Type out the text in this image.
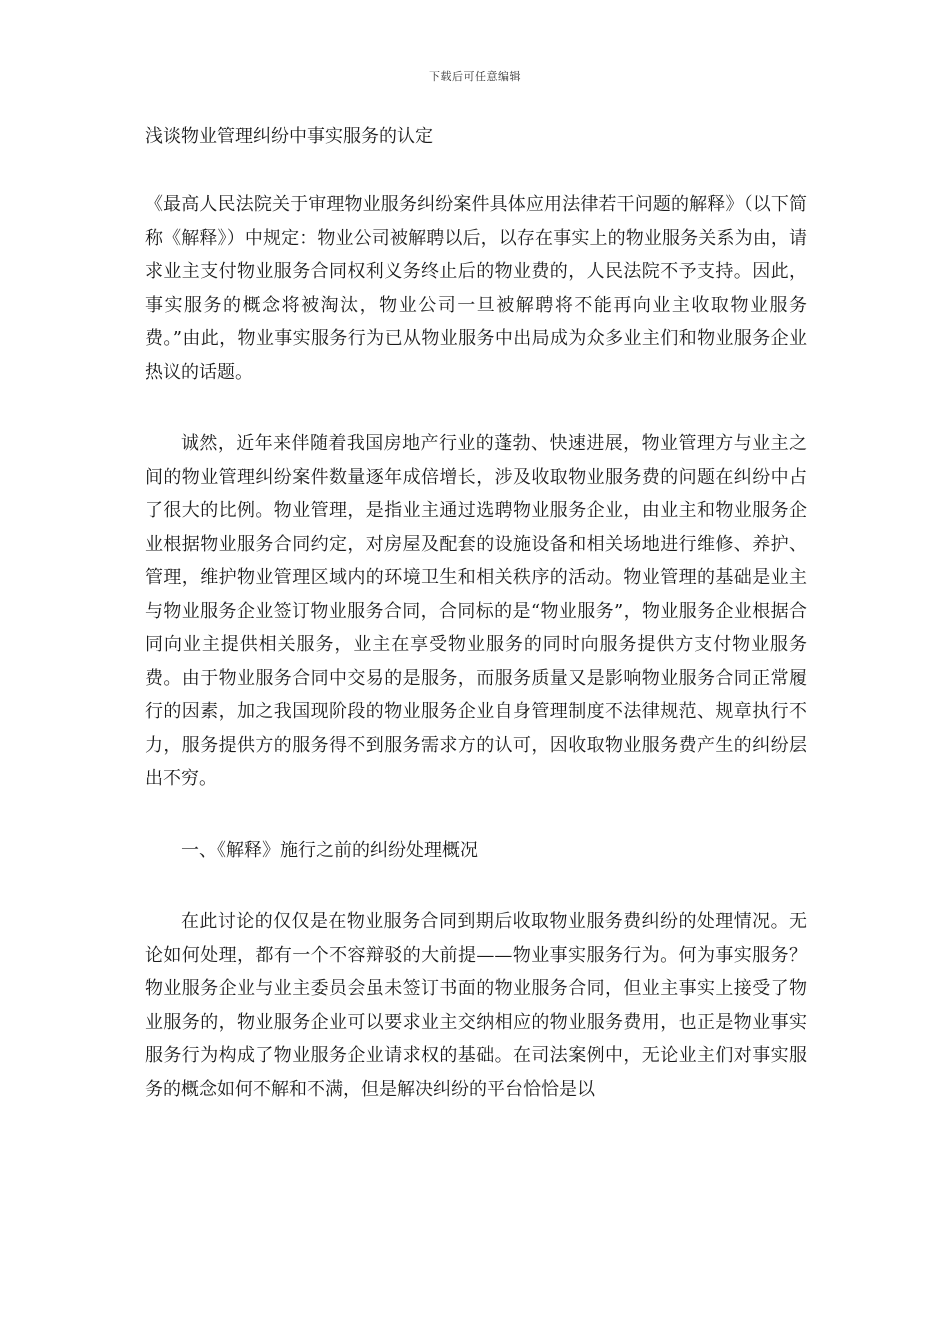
下载后可任意编辑
浅谈物业管理纠纷中事实服务的认定

《最高人民法院关于审理物业服务纠纷案件具体应用法律若干问题的解释》（以下简称《解释》）中规定：物业公司被解聘以后，以存在事实上的物业服务关系为由，请求业主支付物业服务合同权利义务终止后的物业费的，人民法院不予支持。因此，事实服务的概念将被淘汰，物业公司一旦被解聘将不能再向业主收取物业服务费。”由此，物业事实服务行为已从物业服务中出局成为众多业主们和物业服务企业热议的话题。

诚然，近年来伴随着我国房地产行业的蓬勃、快速进展，物业管理方与业主之间的物业管理纠纷案件数量逐年成倍增长，涉及收取物业服务费的问题在纠纷中占了很大的比例。物业管理，是指业主通过选聘物业服务企业，由业主和物业服务企业根据物业服务合同约定，对房屋及配套的设施设备和相关场地进行维修、养护、管理，维护物业管理区域内的环境卫生和相关秩序的活动。物业管理的基础是业主与物业服务企业签订物业服务合同，合同标的是“物业服务”，物业服务企业根据合同向业主提供相关服务，业主在享受物业服务的同时向服务提供方支付物业服务费。由于物业服务合同中交易的是服务，而服务质量又是影响物业服务合同正常履行的因素，加之我国现阶段的物业服务企业自身管理制度不法律规范、规章执行不力，服务提供方的服务得不到服务需求方的认可，因收取物业服务费产生的纠纷层出不穷。

一、《解释》施行之前的纠纷处理概况

在此讨论的仅仅是在物业服务合同到期后收取物业服务费纠纷的处理情况。无论如何处理，都有一个不容辩驳的大前提——物业事实服务行为。何为事实服务？物业服务企业与业主委员会虽未签订书面的物业服务合同，但业主事实上接受了物业服务的，物业服务企业可以要求业主交纳相应的物业服务费用，也正是物业事实服务行为构成了物业服务企业请求权的基础。在司法案例中，无论业主们对事实服务的概念如何不解和不满，但是解决纠纷的平台恰恰是以
